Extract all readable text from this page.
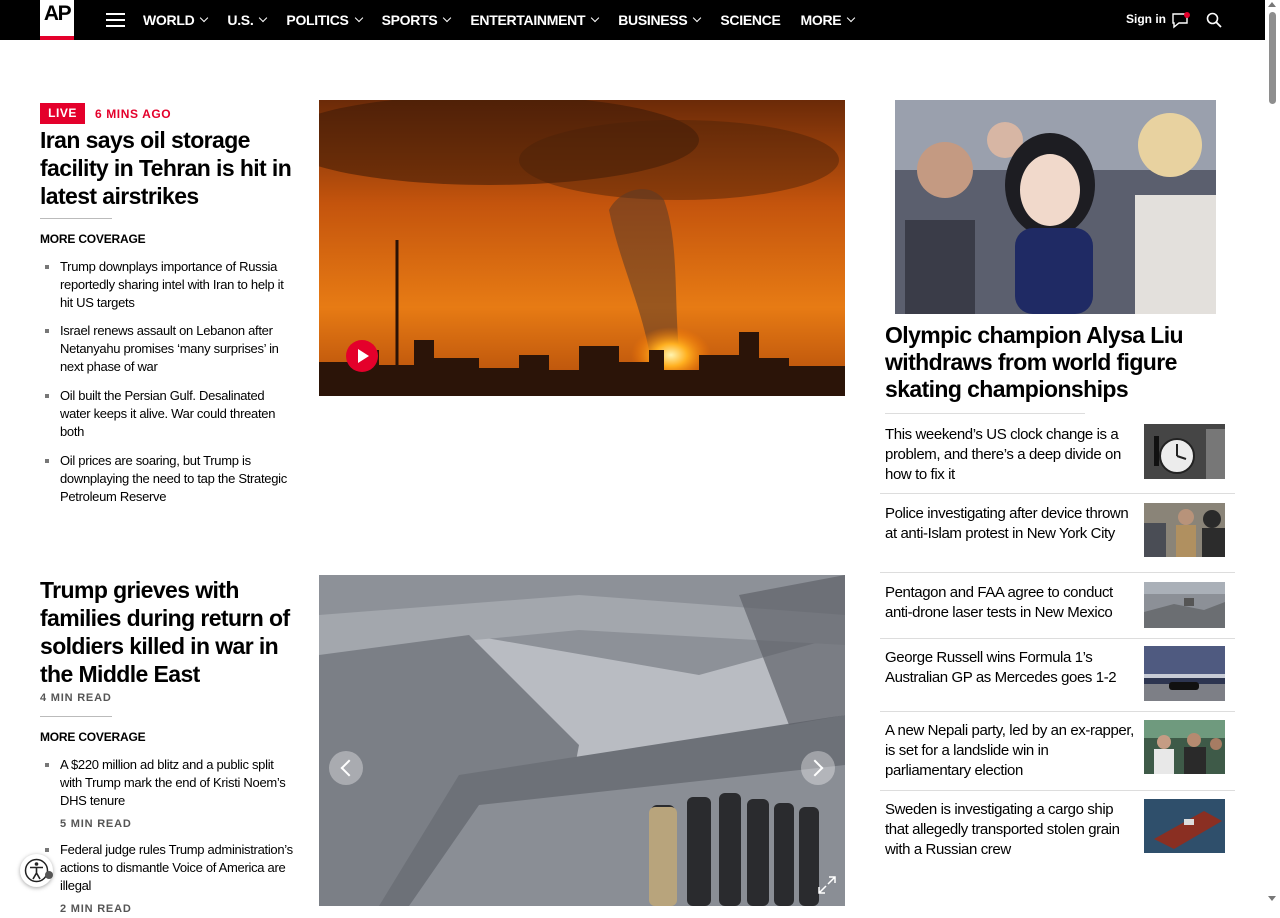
AP	WORLD U.S. POLITICS SPORTS ENTERTAINMENT BUSINESS SCIENCE MORE	Sign in
LIVE	6 MINS AGO
Iran says oil storage facility in Tehran is hit in latest airstrikes
MORE COVERAGE
Trump downplays importance of Russia reportedly sharing intel with Iran to help it hit US targets
Israel renews assault on Lebanon after Netanyahu promises ‘many surprises’ in next phase of war
Oil built the Persian Gulf. Desalinated water keeps it alive. War could threaten both
Oil prices are soaring, but Trump is downplaying the need to tap the Strategic Petroleum Reserve
Trump grieves with families during return of soldiers killed in war in the Middle East
4 MIN READ
MORE COVERAGE
A $220 million ad blitz and a public split with Trump mark the end of Kristi Noem’s DHS tenure
5 MIN READ
Federal judge rules Trump administration’s actions to dismantle Voice of America are illegal
2 MIN READ
Olympic champion Alysa Liu withdraws from world figure skating championships
This weekend’s US clock change is a problem, and there’s a deep divide on how to fix it
Police investigating after device thrown at anti-Islam protest in New York City
Pentagon and FAA agree to conduct anti-drone laser tests in New Mexico
George Russell wins Formula 1’s Australian GP as Mercedes goes 1-2
A new Nepali party, led by an ex-rapper, is set for a landslide win in parliamentary election
Sweden is investigating a cargo ship that allegedly transported stolen grain with a Russian crew
